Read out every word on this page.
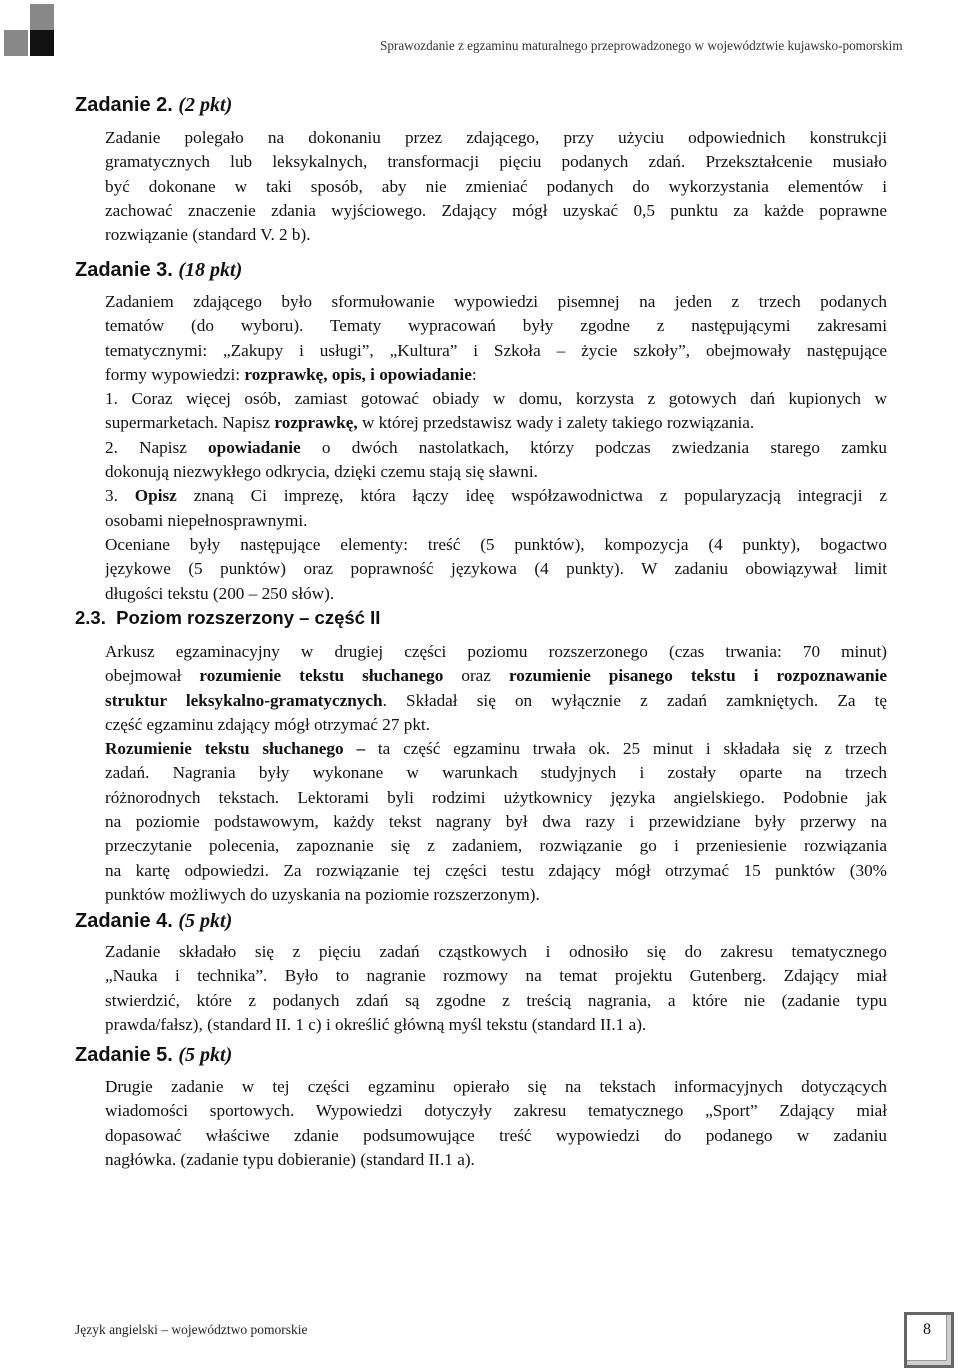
Sprawozdanie z egzaminu maturalnego przeprowadzonego w województwie kujawsko-pomorskim
Zadanie 2. (2 pkt)
Zadanie polegało na dokonaniu przez zdającego, przy użyciu odpowiednich konstrukcji
gramatycznych lub leksykalnych, transformacji pięciu podanych zdań. Przekształcenie musiało
być dokonane w taki sposób, aby nie zmieniać podanych do wykorzystania elementów i
zachować znaczenie zdania wyjściowego. Zdający mógł uzyskać 0,5 punktu za każde poprawne
rozwiązanie (standard V. 2 b).
Zadanie 3. (18 pkt)
Zadaniem zdającego było sformułowanie wypowiedzi pisemnej na jeden z trzech podanych
tematów (do wyboru). Tematy wypracowań były zgodne z następującymi zakresami
tematycznymi: „Zakupy i usługi”, „Kultura” i Szkoła – życie szkoły”, obejmowały następujące
formy wypowiedzi: rozprawkę, opis, i opowiadanie:
1. Coraz więcej osób, zamiast gotować obiady w domu, korzysta z gotowych dań kupionych w
supermarketach. Napisz rozprawkę, w której przedstawisz wady i zalety takiego rozwiązania.
2. Napisz opowiadanie o dwóch nastolatkach, którzy podczas zwiedzania starego zamku
dokonują niezwykłego odkrycia, dzięki czemu stają się sławni.
3. Opisz znaną Ci imprezę, która łączy ideę współzawodnictwa z popularyzacją integracji z
osobami niepełnosprawnymi.
Oceniane były następujące elementy: treść (5 punktów), kompozycja (4 punkty), bogactwo
językowe (5 punktów) oraz poprawność językowa (4 punkty). W zadaniu obowiązywał limit
długości tekstu (200 – 250 słów).
2.3. Poziom rozszerzony – część II
Arkusz egzaminacyjny w drugiej części poziomu rozszerzonego (czas trwania: 70 minut)
obejmował rozumienie tekstu słuchanego oraz rozumienie pisanego tekstu i rozpoznawanie
struktur leksykalno-gramatycznych. Składał się on wyłącznie z zadań zamkniętych. Za tę
część egzaminu zdający mógł otrzymać 27 pkt.
Rozumienie tekstu słuchanego – ta część egzaminu trwała ok. 25 minut i składała się z trzech
zadań. Nagrania były wykonane w warunkach studyjnych i zostały oparte na trzech
różnorodnych tekstach. Lektorami byli rodzimi użytkownicy języka angielskiego. Podobnie jak
na poziomie podstawowym, każdy tekst nagrany był dwa razy i przewidziane były przerwy na
przeczytanie polecenia, zapoznanie się z zadaniem, rozwiązanie go i przeniesienie rozwiązania
na kartę odpowiedzi. Za rozwiązanie tej części testu zdający mógł otrzymać 15 punktów (30%
punktów możliwych do uzyskania na poziomie rozszerzonym).
Zadanie 4. (5 pkt)
Zadanie składało się z pięciu zadań cząstkowych i odnosiło się do zakresu tematycznego
„Nauka i technika”. Było to nagranie rozmowy na temat projektu Gutenberg. Zdający miał
stwierdzić, które z podanych zdań są zgodne z treścią nagrania, a które nie (zadanie typu
prawda/fałsz), (standard II. 1 c) i określić główną myśl tekstu (standard II.1 a).
Zadanie 5. (5 pkt)
Drugie zadanie w tej części egzaminu opierało się na tekstach informacyjnych dotyczących
wiadomości sportowych. Wypowiedzi dotyczyły zakresu tematycznego „Sport” Zdający miał
dopasować właściwe zdanie podsumowujące treść wypowiedzi do podanego w zadaniu
nagłówka. (zadanie typu dobieranie) (standard II.1 a).
Język angielski – województwo pomorskie	8
